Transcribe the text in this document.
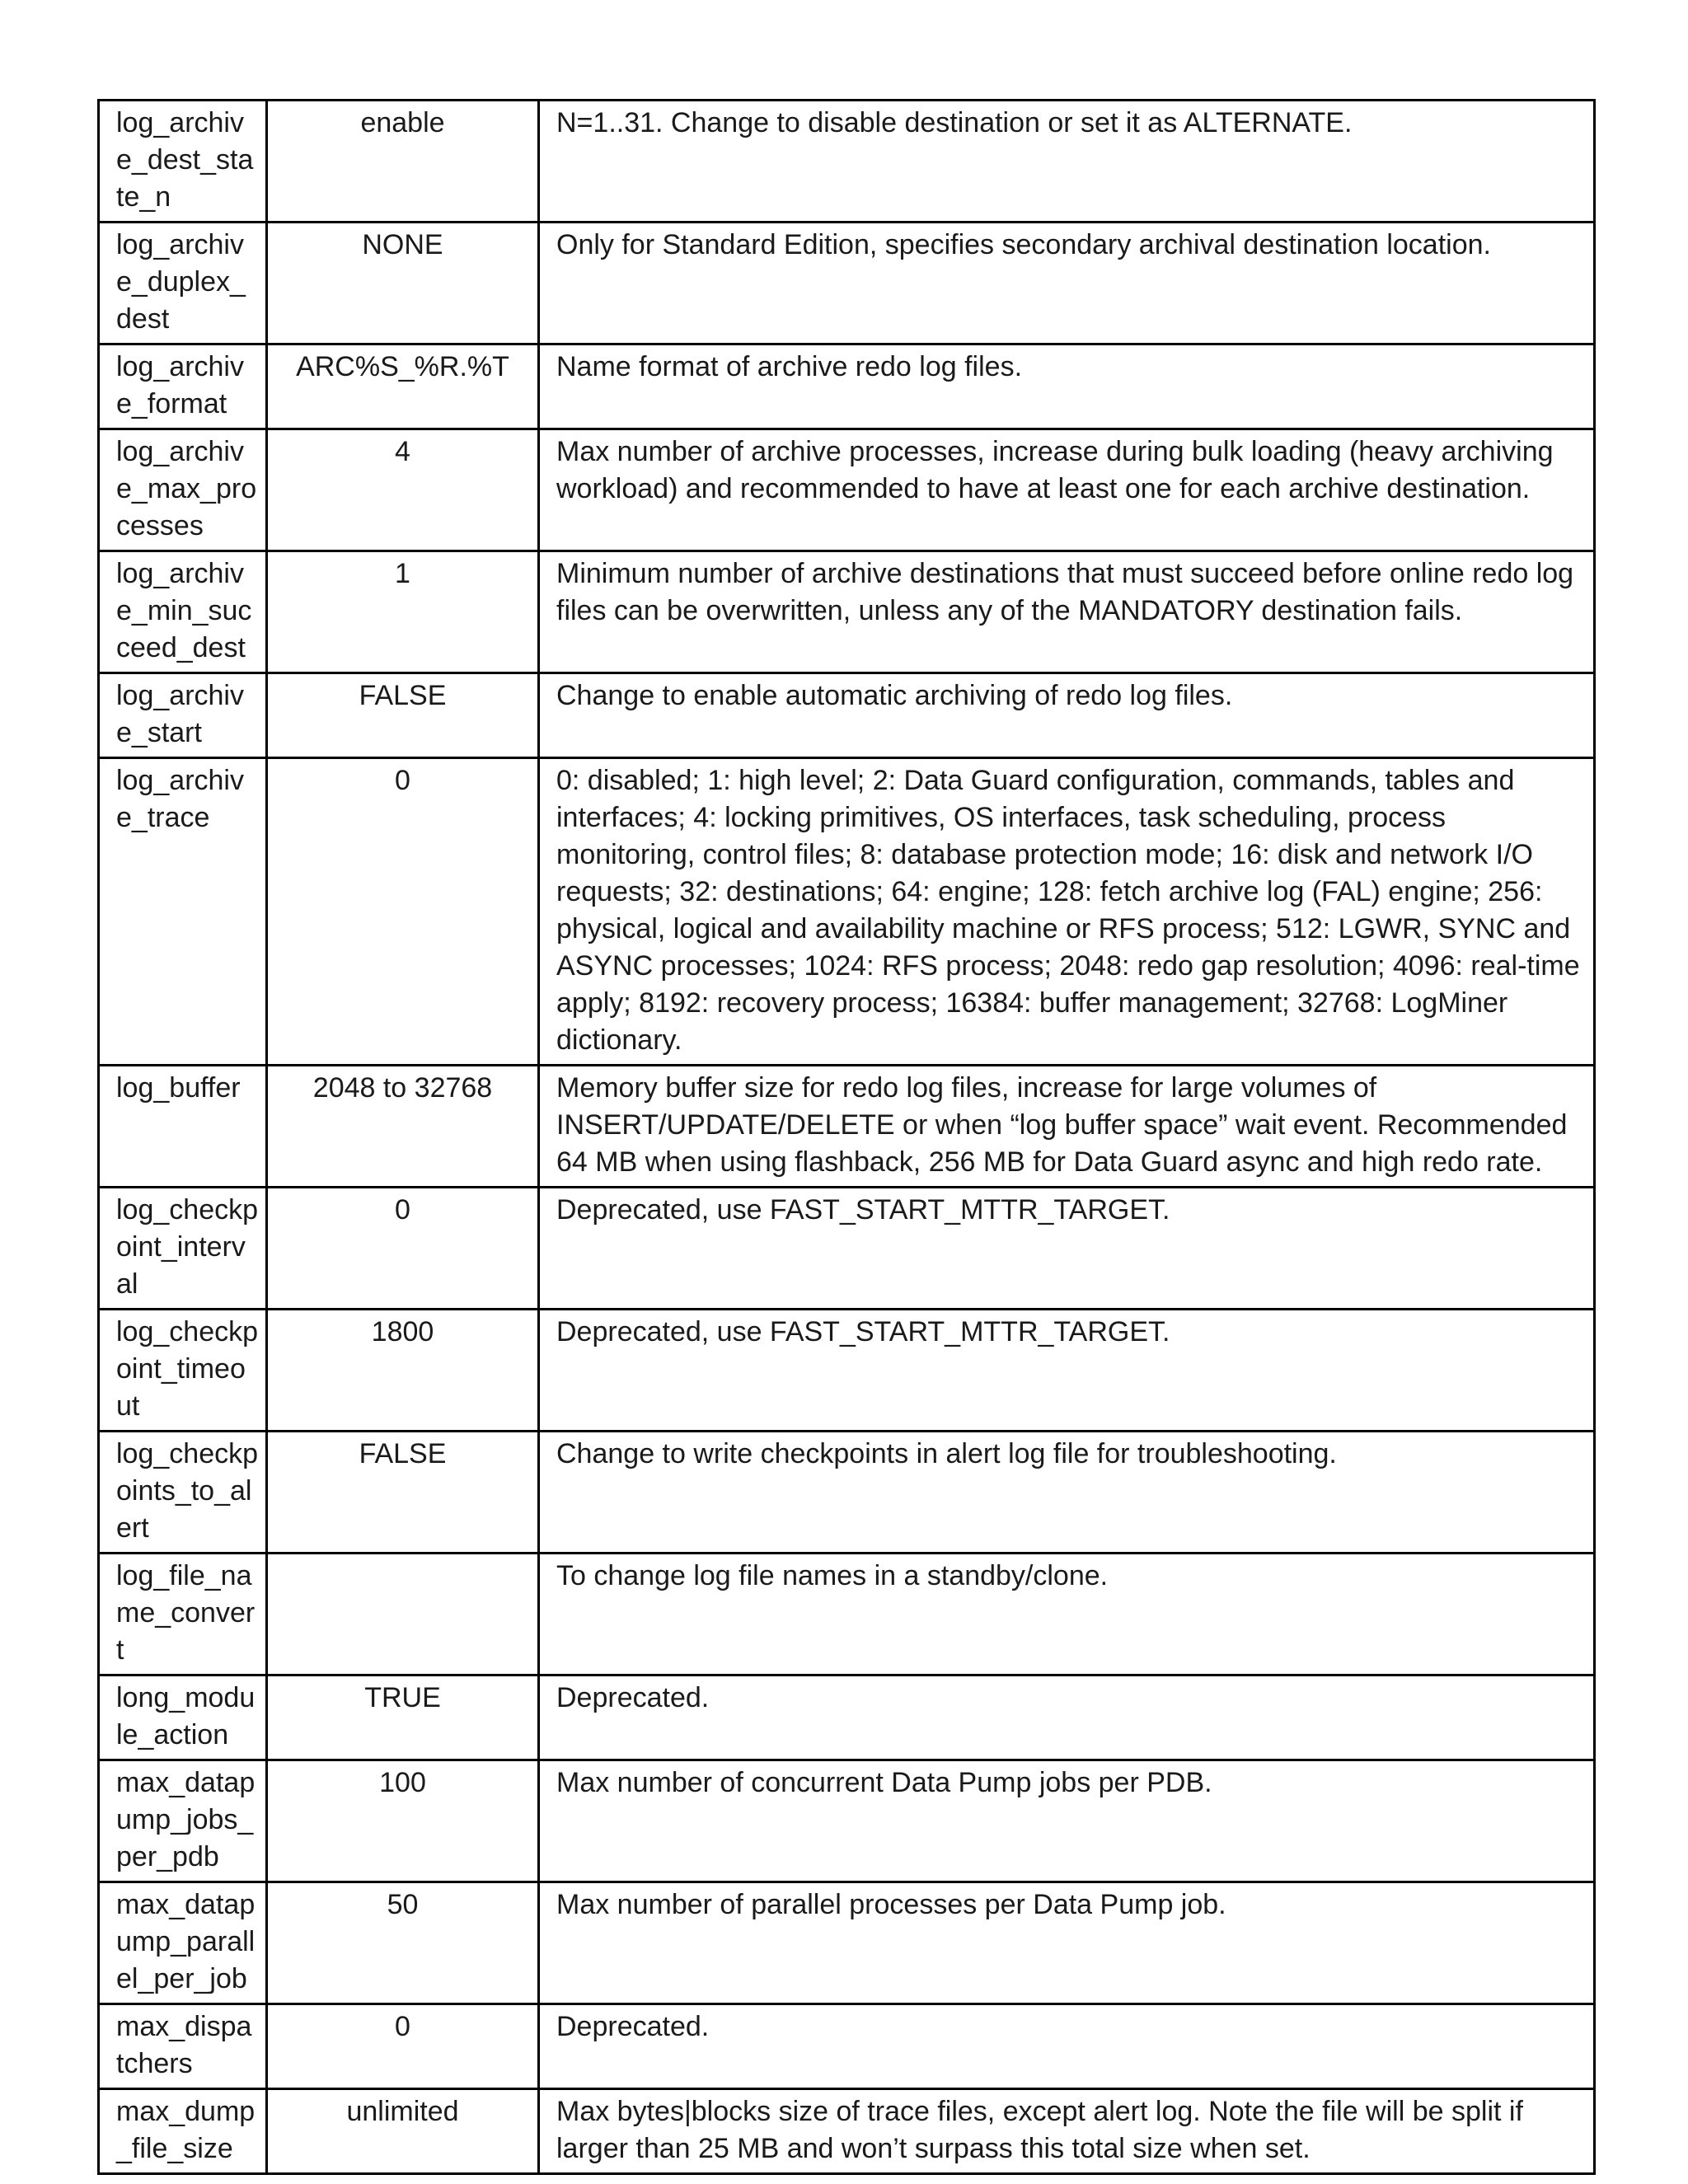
log_archive_dest_state_n	enable	N=1..31. Change to disable destination or set it as ALTERNATE.
log_archive_duplex_dest	NONE	Only for Standard Edition, specifies secondary archival destination location.
log_archive_format	ARC%S_%R.%T	Name format of archive redo log files.
log_archive_max_processes	4	Max number of archive processes, increase during bulk loading (heavy archiving workload) and recommended to have at least one for each archive destination.
log_archive_min_succeed_dest	1	Minimum number of archive destinations that must succeed before online redo log files can be overwritten, unless any of the MANDATORY destination fails.
log_archive_start	FALSE	Change to enable automatic archiving of redo log files.
log_archive_trace	0	0: disabled; 1: high level; 2: Data Guard configuration, commands, tables and interfaces; 4: locking primitives, OS interfaces, task scheduling, process monitoring, control files; 8: database protection mode; 16: disk and network I/O requests; 32: destinations; 64: engine; 128: fetch archive log (FAL) engine; 256: physical, logical and availability machine or RFS process; 512: LGWR, SYNC and ASYNC processes; 1024: RFS process; 2048: redo gap resolution; 4096: real-time apply; 8192: recovery process; 16384: buffer management; 32768: LogMiner dictionary.
log_buffer	2048 to 32768	Memory buffer size for redo log files, increase for large volumes of INSERT/UPDATE/DELETE or when “log buffer space” wait event. Recommended 64 MB when using flashback, 256 MB for Data Guard async and high redo rate.
log_checkpoint_interval	0	Deprecated, use FAST_START_MTTR_TARGET.
log_checkpoint_timeout	1800	Deprecated, use FAST_START_MTTR_TARGET.
log_checkpoints_to_alert	FALSE	Change to write checkpoints in alert log file for troubleshooting.
log_file_name_convert		To change log file names in a standby/clone.
long_module_action	TRUE	Deprecated.
max_datapump_jobs_per_pdb	100	Max number of concurrent Data Pump jobs per PDB.
max_datapump_parallel_per_job	50	Max number of parallel processes per Data Pump job.
max_dispatchers	0	Deprecated.
max_dump_file_size	unlimited	Max bytes|blocks size of trace files, except alert log. Note the file will be split if larger than 25 MB and won’t surpass this total size when set.
